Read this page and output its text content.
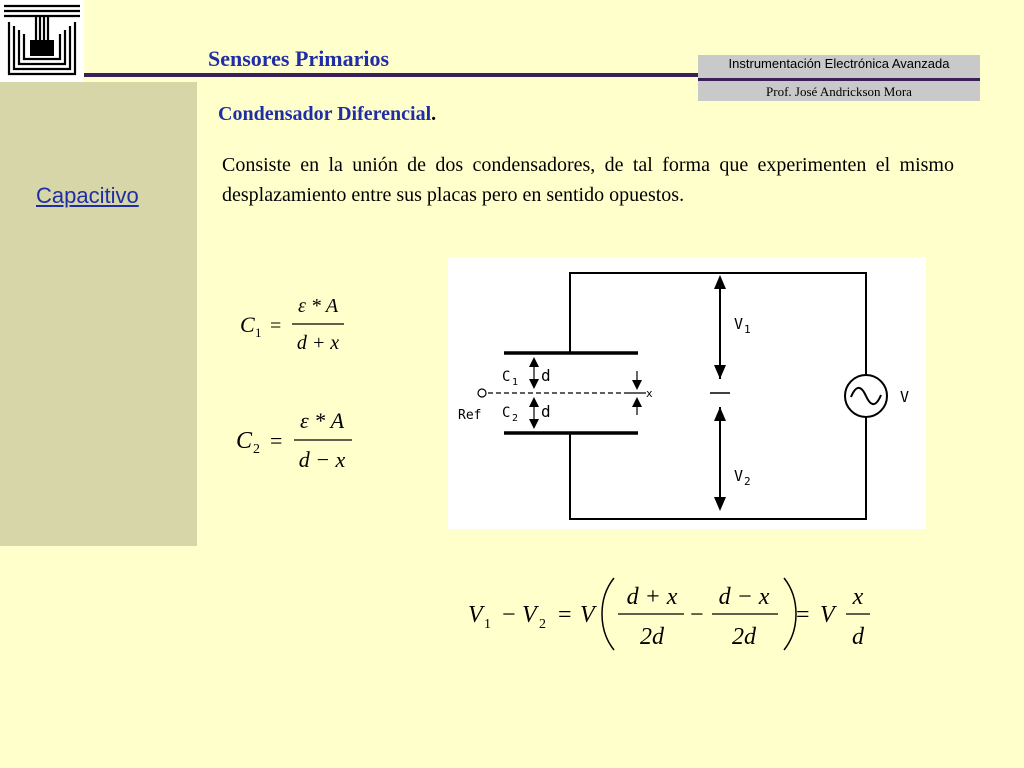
Sensores Primarios	Instrumentación Electrónica Avanzada
Prof. José Andrickson Mora
Capacitivo
Condensador Diferencial.
Consiste en la unión de dos condensadores, de tal forma que experimenten el mismo desplazamiento entre sus placas pero en sentido opuestos.
C 1 =
ε * A
d + x
C 2 =
ε * A
d − x
C 1
C 2
d
d
x
Ref
V 1
V 2
V
V 1 − V 2 = V
d + x
2d
−
d − x
2d
= V
x
d
